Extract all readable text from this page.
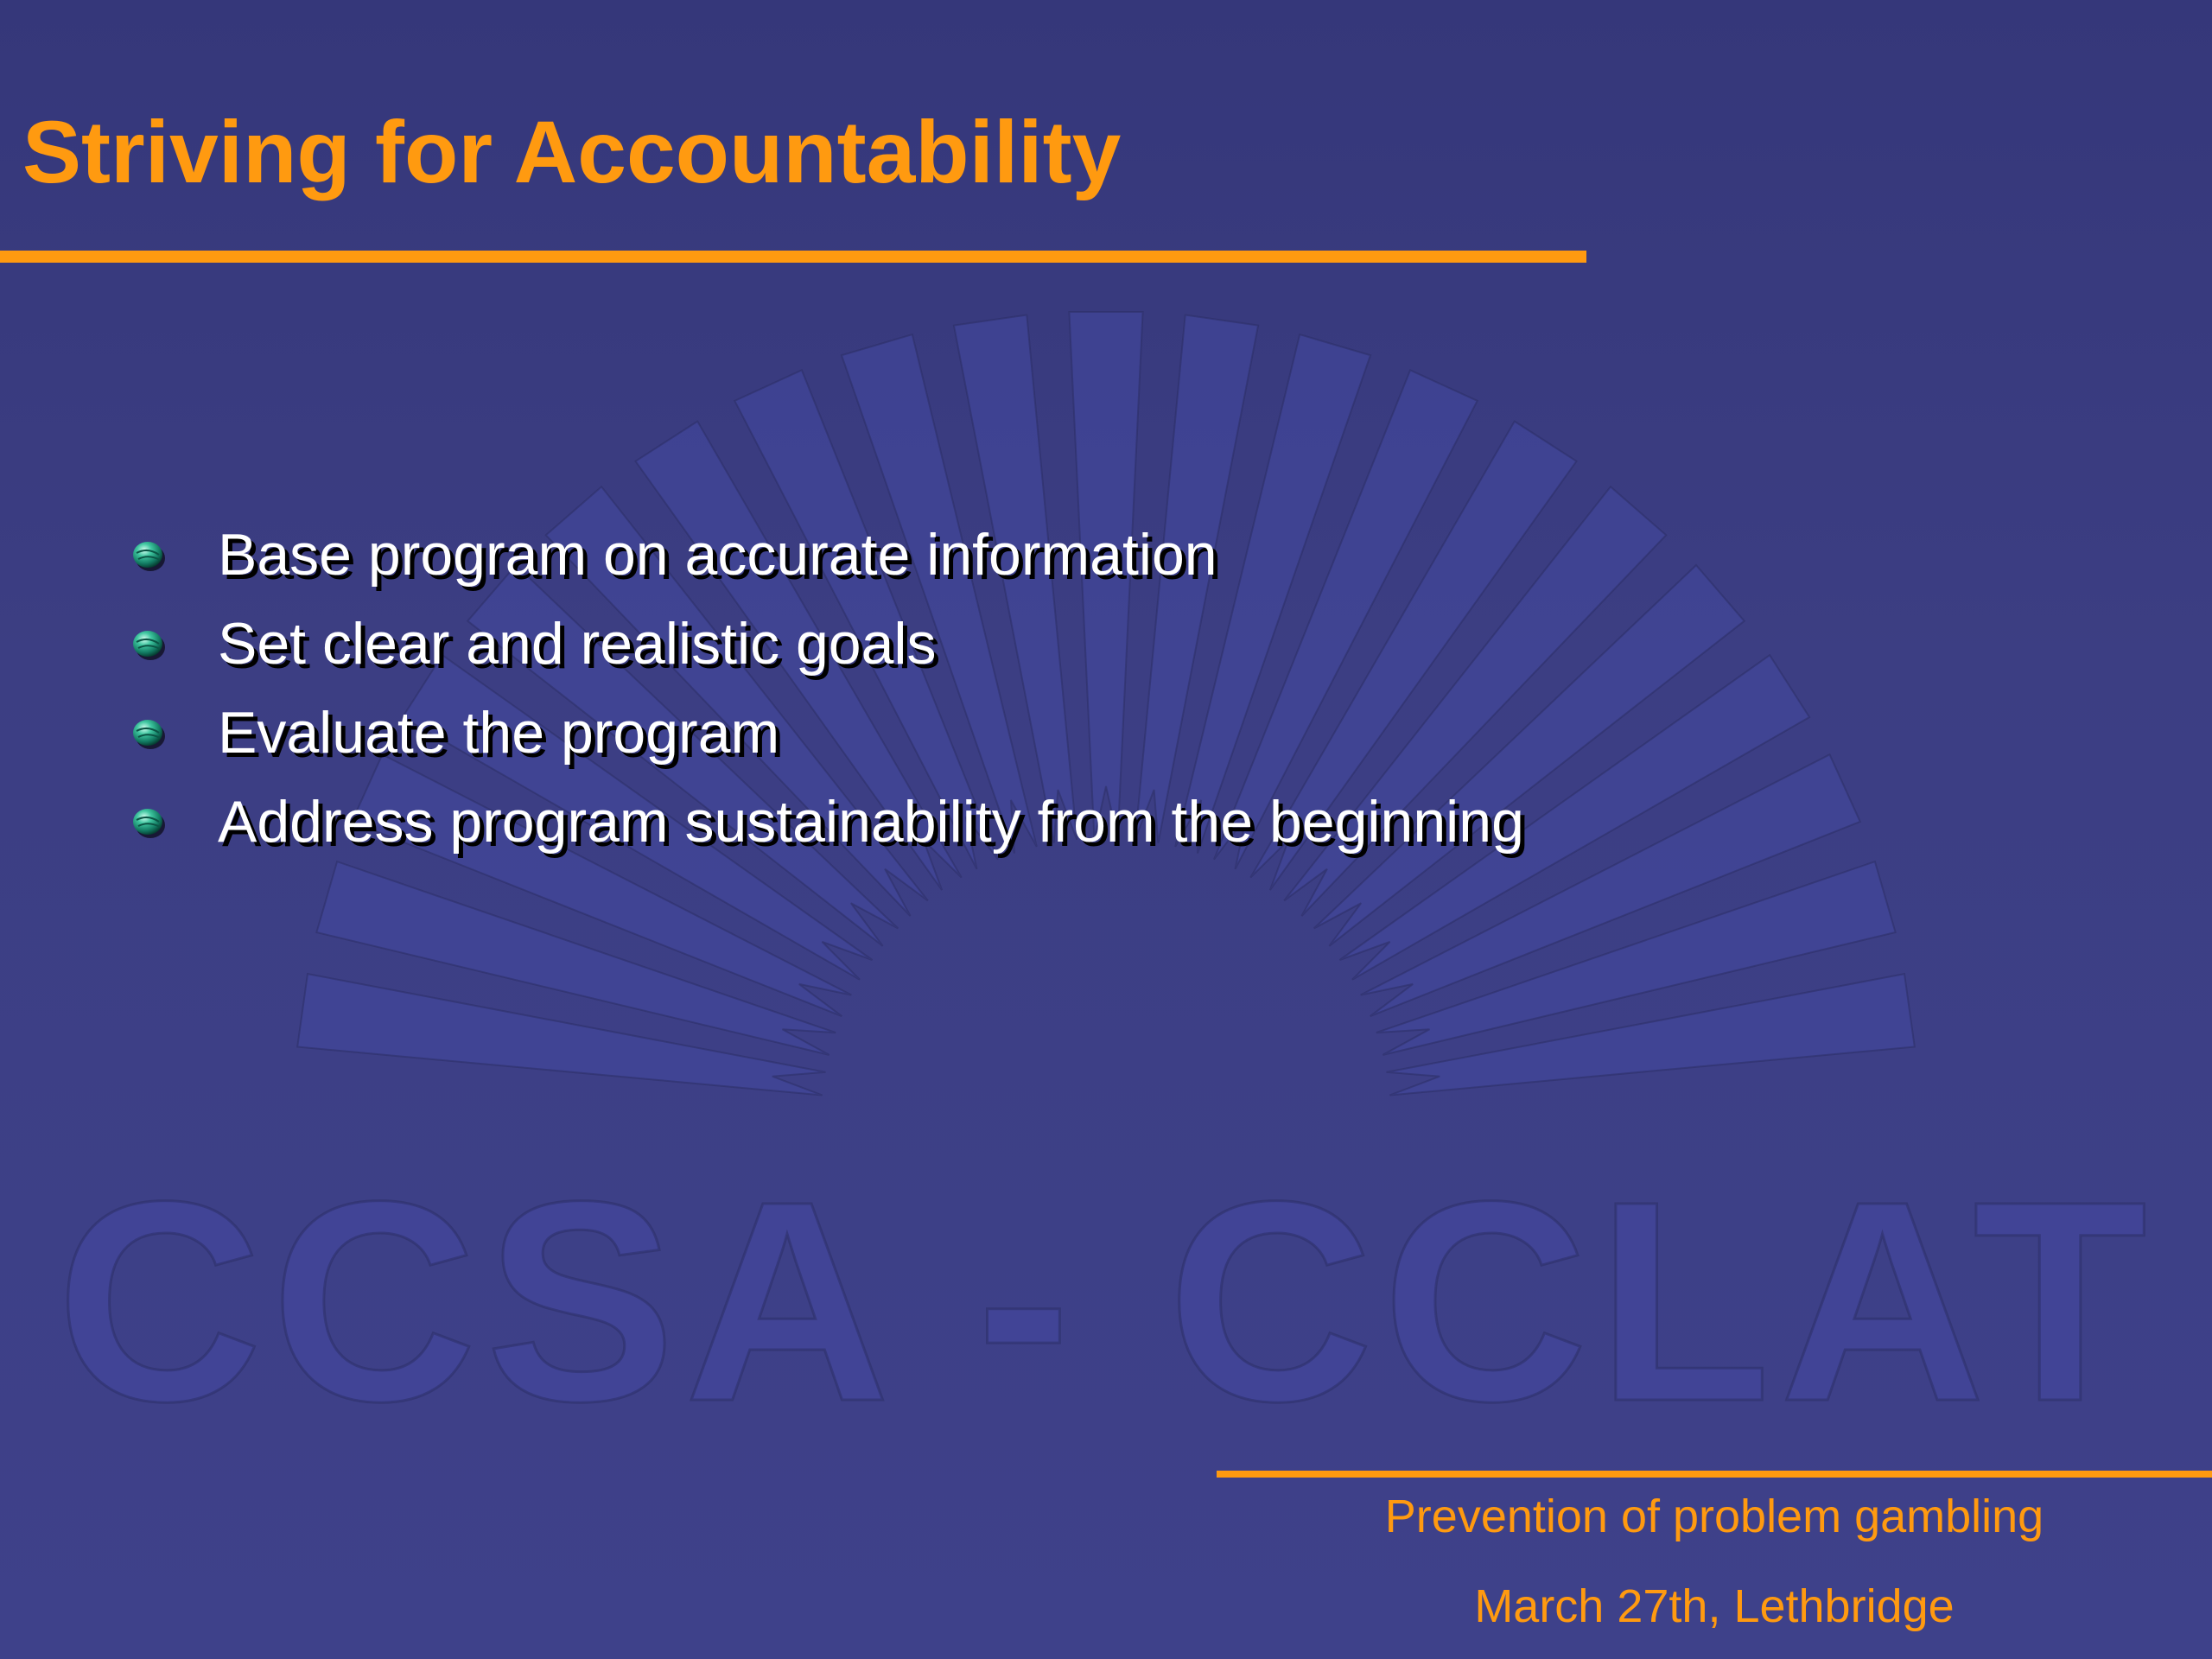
CCSA - CCLAT
Striving for Accountability
Base program on accurate information
Set clear and realistic goals
Evaluate the program
Address program sustainability from the beginning
Prevention of problem gambling
March 27th, Lethbridge
